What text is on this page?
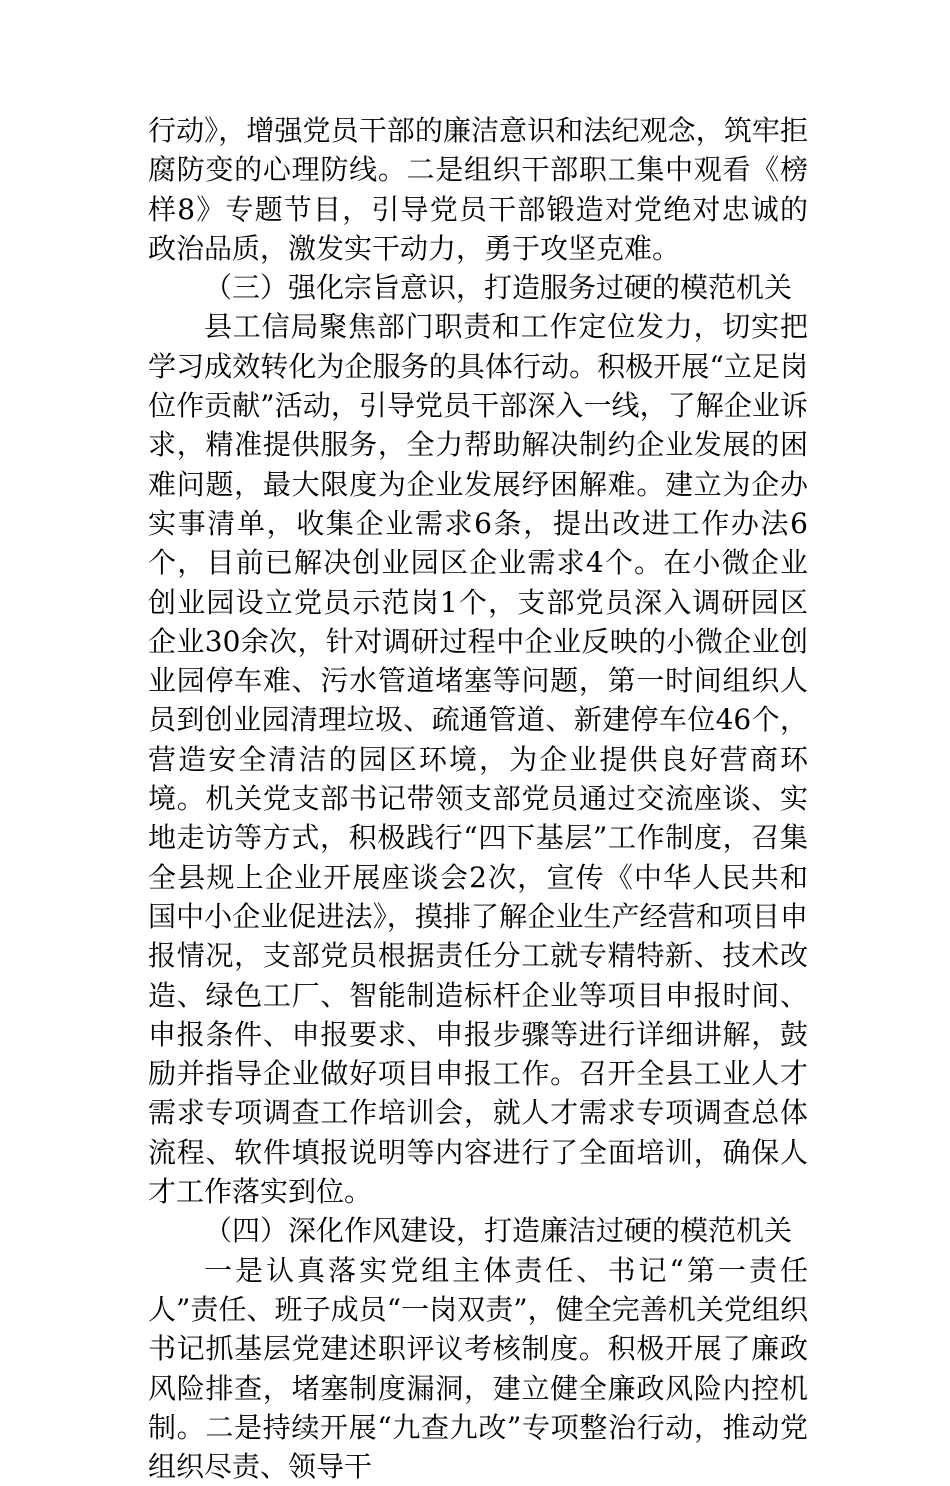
行动》，增强党员干部的廉洁意识和法纪观念，筑牢拒腐防变的心理防线。二是组织干部职工集中观看《榜样8》专题节目，引导党员干部锻造对党绝对忠诚的政治品质，激发实干动力，勇于攻坚克难。

（三）强化宗旨意识，打造服务过硬的模范机关

县工信局聚焦部门职责和工作定位发力，切实把学习成效转化为企服务的具体行动。积极开展“立足岗位作贡献”活动，引导党员干部深入一线，了解企业诉求，精准提供服务，全力帮助解决制约企业发展的困难问题，最大限度为企业发展纾困解难。建立为企办实事清单，收集企业需求6条，提出改进工作办法6个，目前已解决创业园区企业需求4个。在小微企业创业园设立党员示范岗1个，支部党员深入调研园区企业30余次，针对调研过程中企业反映的小微企业创业园停车难、污水管道堵塞等问题，第一时间组织人员到创业园清理垃圾、疏通管道、新建停车位46个，营造安全清洁的园区环境，为企业提供良好营商环境。机关党支部书记带领支部党员通过交流座谈、实地走访等方式，积极践行“四下基层”工作制度，召集全县规上企业开展座谈会2次，宣传《中华人民共和国中小企业促进法》，摸排了解企业生产经营和项目申报情况，支部党员根据责任分工就专精特新、技术改造、绿色工厂、智能制造标杆企业等项目申报时间、申报条件、申报要求、申报步骤等进行详细讲解，鼓励并指导企业做好项目申报工作。召开全县工业人才需求专项调查工作培训会，就人才需求专项调查总体流程、软件填报说明等内容进行了全面培训，确保人才工作落实到位。

（四）深化作风建设，打造廉洁过硬的模范机关

一是认真落实党组主体责任、书记“第一责任人”责任、班子成员“一岗双责”，健全完善机关党组织书记抓基层党建述职评议考核制度。积极开展了廉政风险排查，堵塞制度漏洞，建立健全廉政风险内控机制。二是持续开展“九查九改”专项整治行动，推动党组织尽责、领导干
